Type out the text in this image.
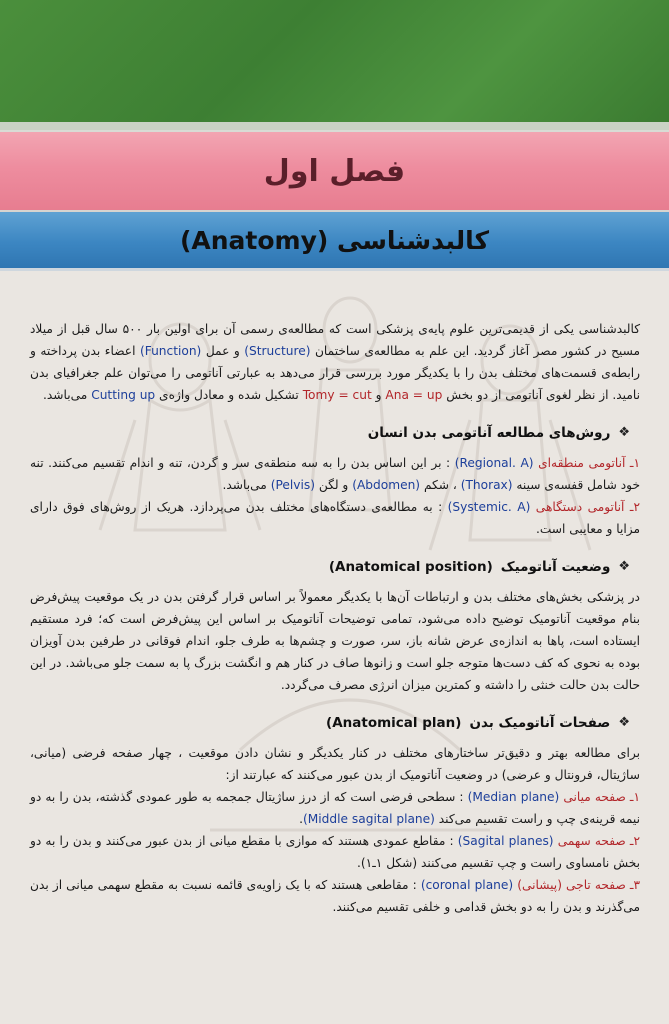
فصل اول
کالبدشناسی (Anatomy)

کالبدشناسی یکی از قدیمی‌ترین علوم پایه‌ی پزشکی است که مطالعه‌ی رسمی آن برای اولین بار ۵۰۰ سال قبل از میلاد مسیح در کشور مصر آغاز گردید. این علم به مطالعه‌ی ساختمان (Structure) و عمل (Function) اعضاء بدن پرداخته و رابطه‌ی قسمت‌های مختلف بدن را با یکدیگر مورد بررسی قرار می‌دهد به عبارتی آناتومی را می‌توان علم جغرافیای بدن نامید. از نظر لغوی آناتومی از دو بخش Ana = up و Tomy = cut تشکیل شده و معادل واژه‌ی Cutting up می‌باشد.

❖
روش‌های مطالعه آناتومی بدن انسان

۱ـ آناتومی منطقه‌ای (Regional. A) : بر این اساس بدن را به سه منطقه‌ی سر و گردن، تنه و اندام تقسیم می‌کنند. تنه خود شامل قفسه‌ی سینه (Thorax) ، شکم (Abdomen) و لگن (Pelvis) می‌باشد.

۲ـ آناتومی دستگاهی (Systemic. A) : به مطالعه‌ی دستگاه‌های مختلف بدن می‌پردازد. هریک از روش‌های فوق دارای مزایا و معایبی است.

❖
وضعیت آناتومیک
(Anatomical position)

در پزشکی بخش‌های مختلف بدن و ارتباطات آن‌ها با یکدیگر معمولاً بر اساس قرار گرفتن بدن در یک موقعیت پیش‌فرض بنام موقعیت آناتومیک توضیح داده می‌شود، تمامی توضیحات آناتومیک بر اساس این پیش‌فرض است که؛ فرد مستقیم ایستاده است، پاها به اندازه‌ی عرض شانه باز، سر، صورت و چشم‌ها به طرف جلو، اندام فوقانی در طرفین بدن آویزان بوده به نحوی که کف دست‌ها متوجه جلو است و زانوها صاف در کنار هم و انگشت بزرگ پا به سمت جلو می‌باشد. در این حالت بدن حالت خنثی را داشته و کمترین میزان انرژی مصرف می‌گردد.

❖
صفحات آناتومیک بدن
(Anatomical plan)

برای مطالعه بهتر و دقیق‌تر ساختارهای مختلف در کنار یکدیگر و نشان دادن موقعیت ، چهار صفحه فرضی (میانی، ساژیتال، فرونتال و عرضی) در وضعیت آناتومیک از بدن عبور می‌کنند که عبارتند از:

۱ـ صفحه میانی (Median plane) : سطحی فرضی است که از درز ساژیتال جمجمه به طور عمودی گذشته، بدن را به دو نیمه قرینه‌ی چپ و راست تقسیم می‌کند (Middle sagital plane).

۲ـ صفحه سهمی (Sagital planes) : مقاطع عمودی هستند که موازی با مقطع میانی از بدن عبور می‌کنند و بدن را به دو بخش نامساوی راست و چپ تقسیم می‌کنند (شکل ۱ـ۱).

۳ـ صفحه تاجی (پیشانی) (coronal plane) : مقاطعی هستند که با یک زاویه‌ی قائمه نسبت به مقطع سهمی میانی از بدن می‌گذرند و بدن را به دو بخش قدامی و خلفی تقسیم می‌کنند.
